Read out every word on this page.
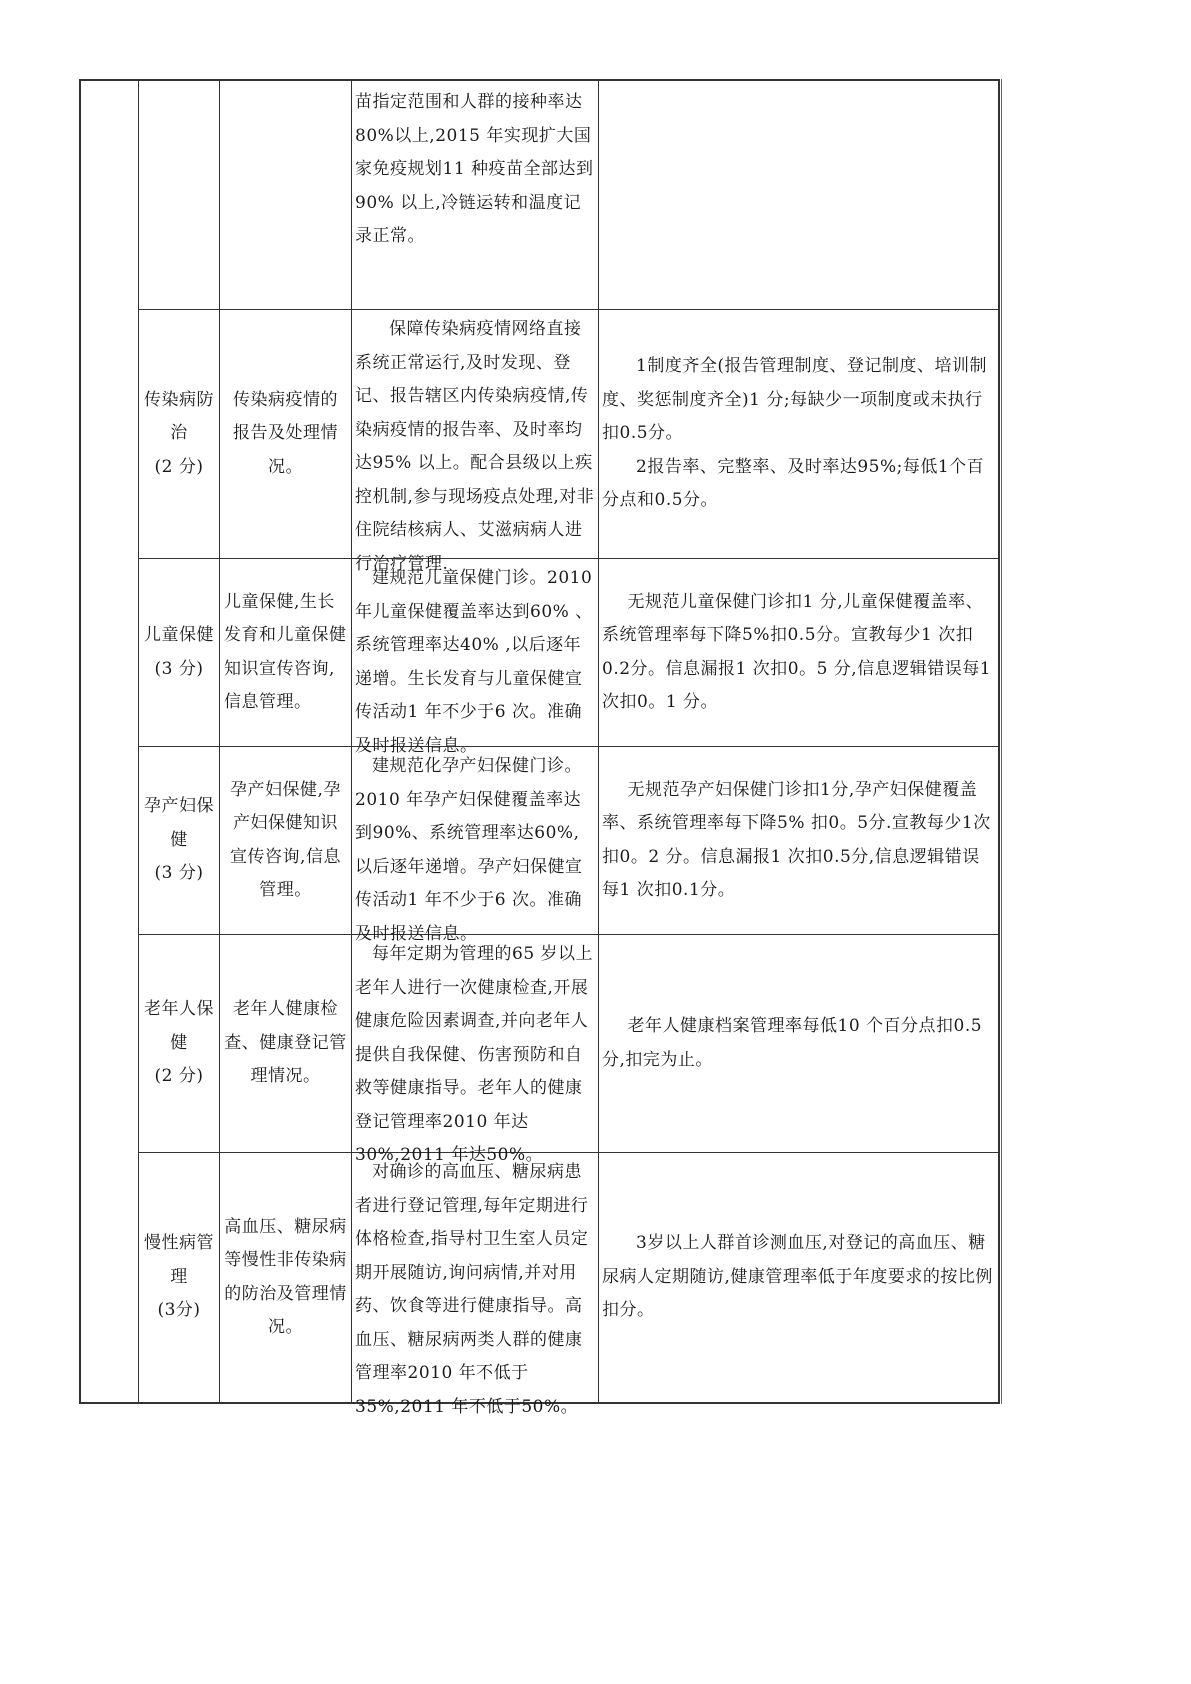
苗指定范围和人群的接种率达80%以上,2015 年实现扩大国家免疫规划11 种疫苗全部达到90% 以上,冷链运转和温度记录正常。

传染病防

治

(2 分)

传染病疫情的报告及处理情况。

保障传染病疫情网络直接系统正常运行,及时发现、登记、报告辖区内传染病疫情,传染病疫情的报告率、及时率均达95% 以上。配合县级以上疾控机制,参与现场疫点处理,对非住院结核病人、艾滋病病人进行治疗管理.

1制度齐全(报告管理制度、登记制度、培训制度、奖惩制度齐全)1 分;每缺少一项制度或未执行扣0.5分。

2报告率、完整率、及时率达95%;每低1个百分点和0.5分。

儿童保健

(3 分)

儿童保健,生长发育和儿童保健知识宣传咨询,信息管理。

建规范儿童保健门诊。2010 年儿童保健覆盖率达到60% 、系统管理率达40% ,以后逐年递增。生长发育与儿童保健宣传活动1 年不少于6 次。准确及时报送信息。

无规范儿童保健门诊扣1 分,儿童保健覆盖率、系统管理率每下降5%扣0.5分。宣教每少1 次扣0.2分。信息漏报1 次扣0。5 分,信息逻辑错误每1 次扣0。1 分。

孕产妇保

健

(3 分)

孕产妇保健,孕产妇保健知识宣传咨询,信息管理。

建规范化孕产妇保健门诊。2010 年孕产妇保健覆盖率达到90%、系统管理率达60%,以后逐年递增。孕产妇保健宣传活动1 年不少于6 次。准确及时报送信息。

无规范孕产妇保健门诊扣1分,孕产妇保健覆盖率、系统管理率每下降5% 扣0。5分.宣教每少1次扣0。2 分。信息漏报1 次扣0.5分,信息逻辑错误每1 次扣0.1分。

老年人保

健

(2 分)

老年人健康检查、健康登记管理情况。

每年定期为管理的65 岁以上老年人进行一次健康检查,开展健康危险因素调查,并向老年人提供自我保健、伤害预防和自救等健康指导。老年人的健康登记管理率2010 年达30%,2011 年达50%。

老年人健康档案管理率每低10 个百分点扣0.5分,扣完为止。

慢性病管

理

(3分)

高血压、糖尿病等慢性非传染病的防治及管理情况。

对确诊的高血压、糖尿病患者进行登记管理,每年定期进行体格检查,指导村卫生室人员定期开展随访,询问病情,并对用药、饮食等进行健康指导。高血压、糖尿病两类人群的健康管理率2010 年不低于35%,2011 年不低于50%。

3岁以上人群首诊测血压,对登记的高血压、糖尿病人定期随访,健康管理率低于年度要求的按比例扣分。
